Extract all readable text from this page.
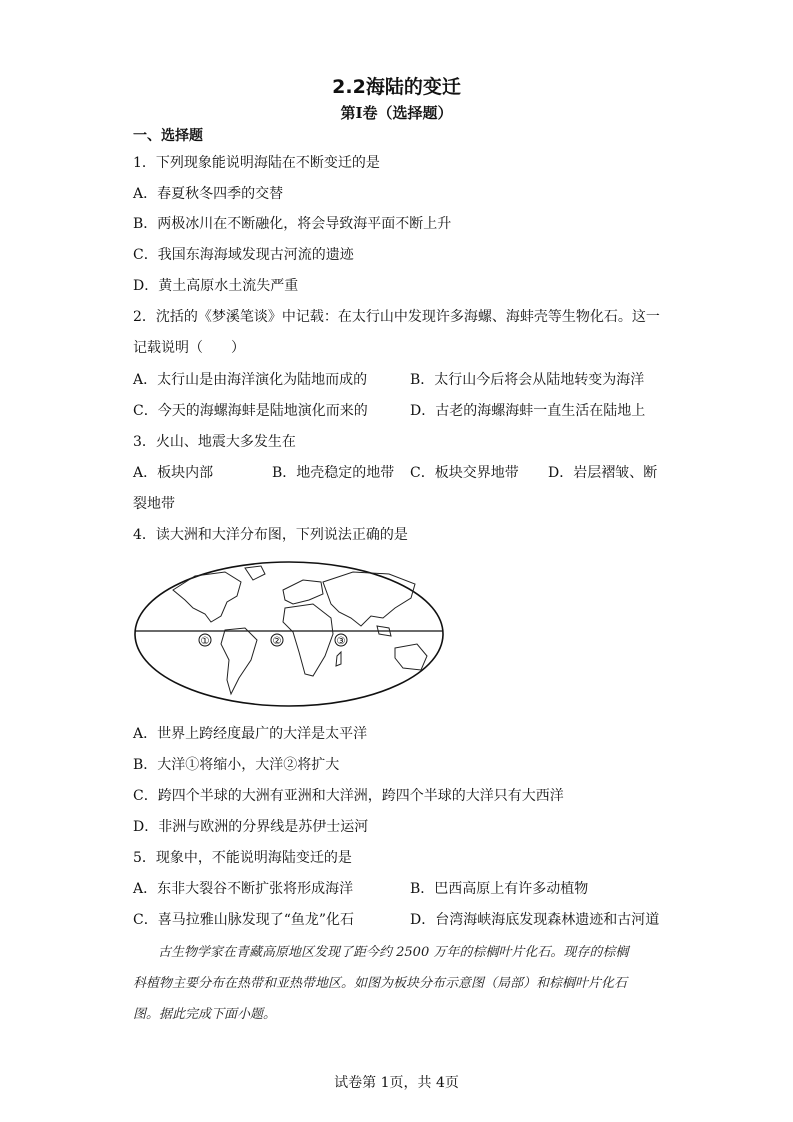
2.2海陆的变迁
第I卷（选择题）
一、选择题
1．下列现象能说明海陆在不断变迁的是
A．春夏秋冬四季的交替
B．两极冰川在不断融化，将会导致海平面不断上升
C．我国东海海域发现古河流的遗迹
D．黄土高原水土流失严重
2．沈括的《梦溪笔谈》中记载：在太行山中发现许多海螺、海蚌壳等生物化石。这一
记载说明（　　）
A．太行山是由海洋演化为陆地而成的	B．太行山今后将会从陆地转变为海洋
C．今天的海螺海蚌是陆地演化而来的	D．古老的海螺海蚌一直生活在陆地上
3．火山、地震大多发生在
A．板块内部	B．地壳稳定的地带 C．板块交界地带 D．岩层褶皱、断
裂地带
4．读大洲和大洋分布图，下列说法正确的是
①	②	③
A．世界上跨经度最广的大洋是太平洋
B．大洋①将缩小，大洋②将扩大
C．跨四个半球的大洲有亚洲和大洋洲，跨四个半球的大洋只有大西洋
D．非洲与欧洲的分界线是苏伊士运河
5．现象中，不能说明海陆变迁的是
A．东非大裂谷不断扩张将形成海洋	B．巴西高原上有许多动植物
C．喜马拉雅山脉发现了“鱼龙”化石	D．台湾海峡海底发现森林遗迹和古河道
古生物学家在青藏高原地区发现了距今约 2500 万年的棕榈叶片化石。现存的棕榈
科植物主要分布在热带和亚热带地区。如图为板块分布示意图（局部）和棕榈叶片化石
图。据此完成下面小题。
试卷第 1页，共 4页
